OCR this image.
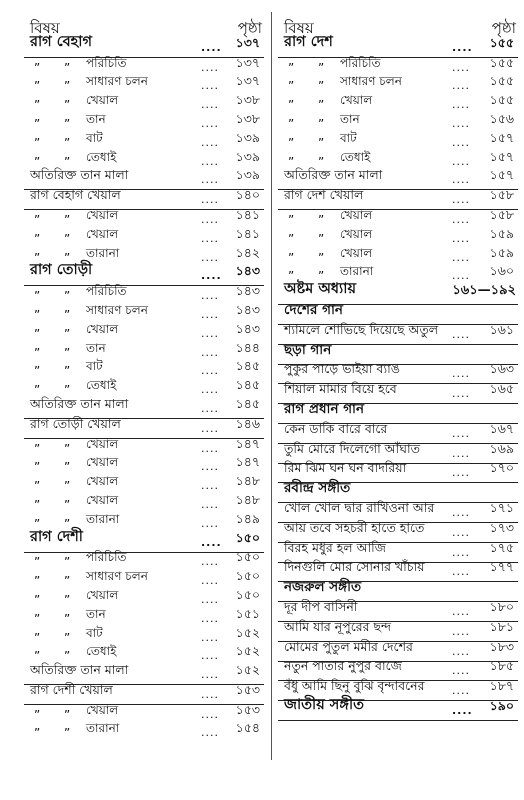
বিষয়	পৃষ্ঠা
রাগ বেহাগ	.... ১৩৭
” ” পরিচিতি	.... ১৩৭
” ” সাধারণ চলন	.... ১৩৭
” ” খেয়াল	.... ১৩৮
” ” তান	.... ১৩৮
” ” বাট	.... ১৩৯
” ” তেধাই	.... ১৩৯
অতিরিক্ত তান মালা	.... ১৩৯
রাগ বেহাগ খেয়াল	.... ১৪০
” ” খেয়াল	.... ১৪১
” ” খেয়াল	.... ১৪১
” ” তারানা	.... ১৪২
রাগ তোড়ী	.... ১৪৩
” ” পরিচিতি	.... ১৪৩
” ” সাধারণ চলন	.... ১৪৩
” ” খেয়াল	.... ১৪৩
” ” তান	.... ১৪৪
” ” বাট	.... ১৪৫
” ” তেধাই	.... ১৪৫
অতিরিক্ত তান মালা	.... ১৪৫
রাগ তোড়ী খেয়াল	.... ১৪৬
” ” খেয়াল	.... ১৪৭
” ” খেয়াল	.... ১৪৭
” ” খেয়াল	.... ১৪৮
” ” খেয়াল	.... ১৪৮
” ” তারানা	.... ১৪৯
রাগ দেশী	.... ১৫০
” ” পরিচিতি	.... ১৫০
” ” সাধারণ চলন	.... ১৫০
” ” খেয়াল	.... ১৫০
” ” তান	.... ১৫১
” ” বাট	.... ১৫২
” ” তেধাই	.... ১৫২
অতিরিক্ত তান মালা	.... ১৫২
রাগ দেশী খেয়াল	.... ১৫৩
” ” খেয়াল	.... ১৫৩
” ” তারানা	.... ১৫৪
বিষয়	পৃষ্ঠা
রাগ দেশ	.... ১৫৫
” ” পরিচিতি	.... ১৫৫
” ” সাধারণ চলন	.... ১৫৫
” ” খেয়াল	.... ১৫৫
” ” তান	.... ১৫৬
” ” বাট	.... ১৫৭
” ” তেধাই	.... ১৫৭
অতিরিক্ত তান মালা	.... ১৫৭
রাগ দেশ খেয়াল	.... ১৫৮
” ” খেয়াল	.... ১৫৮
” ” খেয়াল	.... ১৫৯
” ” খেয়াল	.... ১৫৯
” ” তারানা	.... ১৬০
অষ্টম অধ্যায়	১৬১—১৯২
দেশের গান
শ্যামলে শোভিছে দিয়েছে অতুল .... ১৬১
ছড়া গান
পুকুর পাড়ে ভাইয়া ব্যাঙ	.... ১৬৩
শিয়াল মামার বিয়ে হবে	.... ১৬৫
রাগ প্রধান গান
কেন ডাকি বারে বারে	.... ১৬৭
তুমি মোরে দিলেগো আঁঘাত	.... ১৬৯
রিম ঝিম ঘন ঘন বাদরিয়া	.... ১৭০
রবীন্দ্র সঙ্গীত
খোল খোল দ্বার রাখিওনা আর .... ১৭১
আয় তবে সহচরী হাতে হাতে	.... ১৭৩
বিরহ মধুর হল আজি	.... ১৭৫
দিনগুলি মোর সোনার খাঁচায়	.... ১৭৭
নজরুল সঙ্গীত
দূর দীপ বাসিনী	.... ১৮০
আমি যার নূপুরের ছন্দ	.... ১৮১
মোমের পুতুল মমীর দেশের	.... ১৮৩
নতুন পাতার নুপুর বাজে	.... ১৮৫
বঁধু আমি ছিনু বুঝি বৃন্দাবনের	.... ১৮৭
জাতীয় সঙ্গীত	.... ১৯০
